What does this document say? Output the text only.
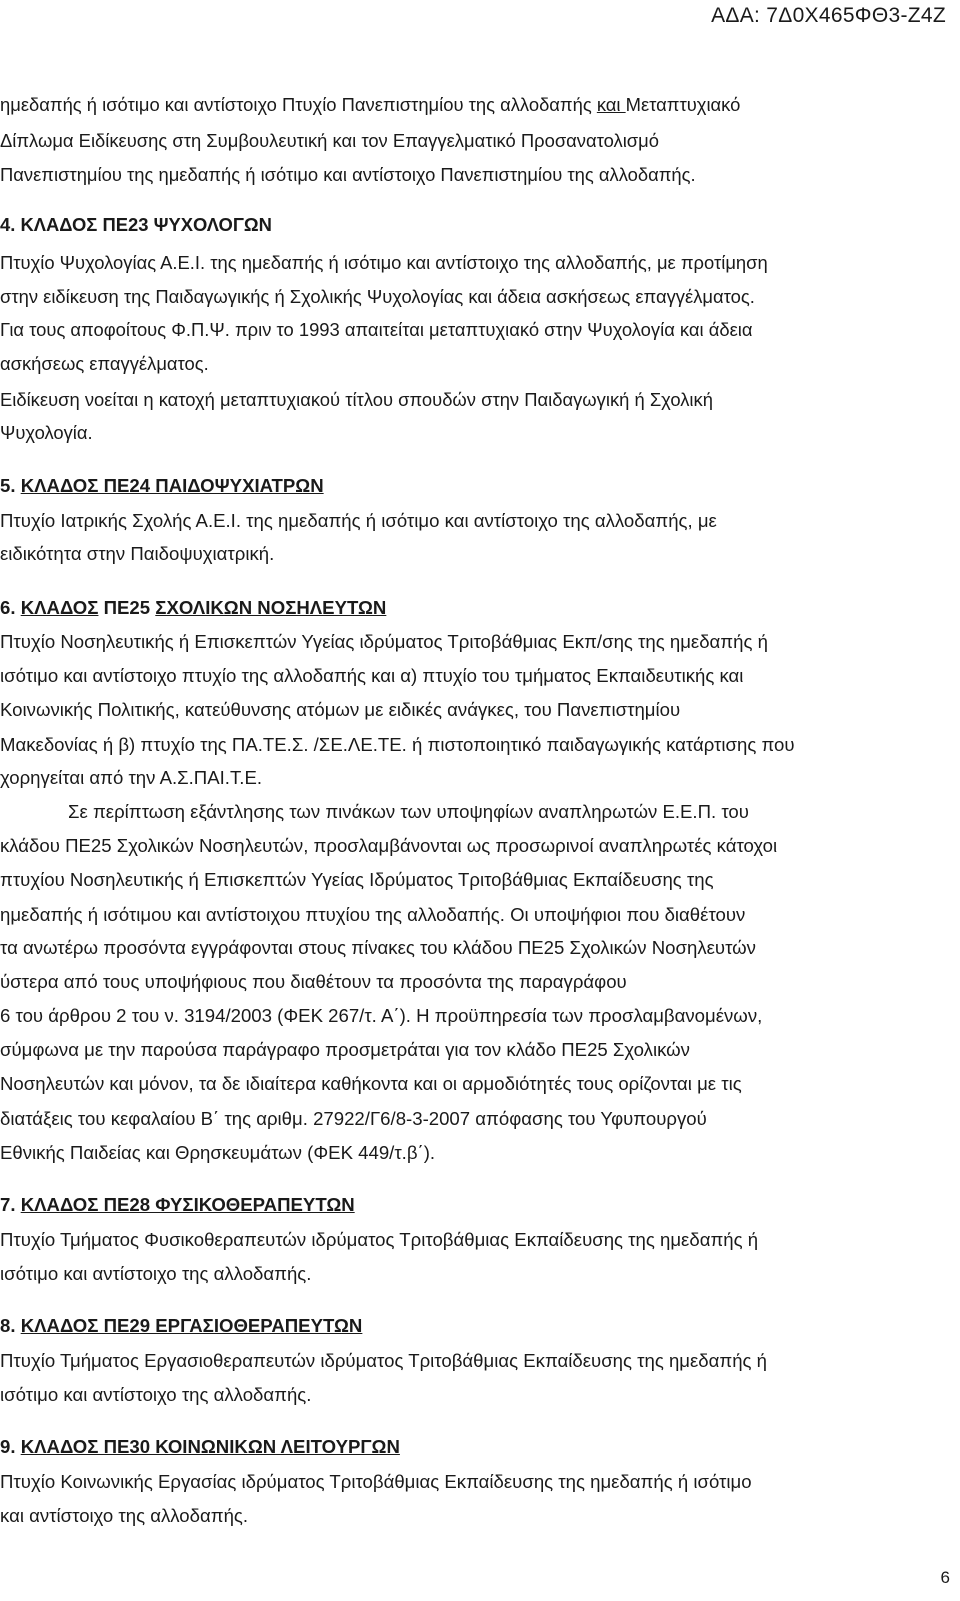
ΑΔΑ: 7Δ0Χ465ΦΘ3-Ζ4Ζ

ημεδαπής ή ισότιμο και αντίστοιχο Πτυχίο Πανεπιστημίου της αλλοδαπής και Μεταπτυχιακό

Δίπλωμα Ειδίκευσης στη Συμβουλευτική και τον Επαγγελματικό Προσανατολισμό

Πανεπιστημίου της ημεδαπής ή ισότιμο και αντίστοιχο Πανεπιστημίου της αλλοδαπής.

4. ΚΛΑΔΟΣ ΠΕ23 ΨΥΧΟΛΟΓΩΝ

Πτυχίο Ψυχολογίας Α.Ε.Ι. της ημεδαπής ή ισότιμο και αντίστοιχο της αλλοδαπής, με προτίμηση

στην ειδίκευση της Παιδαγωγικής ή Σχολικής Ψυχολογίας και άδεια ασκήσεως επαγγέλματος.

Για τους αποφοίτους Φ.Π.Ψ. πριν το 1993 απαιτείται μεταπτυχιακό στην Ψυχολογία και άδεια

ασκήσεως επαγγέλματος.

Ειδίκευση νοείται η κατοχή μεταπτυχιακού τίτλου σπουδών στην Παιδαγωγική ή Σχολική

Ψυχολογία.

5. ΚΛΑΔΟΣ ΠΕ24 ΠΑΙΔΟΨΥΧΙΑΤΡΩΝ

Πτυχίο Ιατρικής Σχολής Α.Ε.Ι. της ημεδαπής ή ισότιμο και αντίστοιχο της αλλοδαπής, με

ειδικότητα στην Παιδοψυχιατρική.

6. ΚΛΑΔΟΣ ΠΕ25 ΣΧΟΛΙΚΩΝ ΝΟΣΗΛΕΥΤΩΝ

Πτυχίο Νοσηλευτικής ή Επισκεπτών Υγείας ιδρύματος Τριτοβάθμιας Εκπ/σης της ημεδαπής ή

ισότιμο και αντίστοιχο πτυχίο της αλλοδαπής και α) πτυχίο του τμήματος Εκπαιδευτικής και

Κοινωνικής Πολιτικής, κατεύθυνσης ατόμων με ειδικές ανάγκες, του Πανεπιστημίου

Μακεδονίας ή β) πτυχίο της ΠΑ.ΤΕ.Σ. /ΣΕ.ΛΕ.ΤΕ. ή πιστοποιητικό παιδαγωγικής κατάρτισης που

χορηγείται από την Α.Σ.ΠΑΙ.Τ.Ε.

Σε περίπτωση εξάντλησης των πινάκων των υποψηφίων αναπληρωτών Ε.Ε.Π. του

κλάδου ΠΕ25 Σχολικών Νοσηλευτών, προσλαμβάνονται ως προσωρινοί αναπληρωτές κάτοχοι

πτυχίου Νοσηλευτικής ή Επισκεπτών Υγείας Ιδρύματος Τριτοβάθμιας Εκπαίδευσης της

ημεδαπής ή ισότιμου και αντίστοιχου πτυχίου της αλλοδαπής. Οι υποψήφιοι που διαθέτουν

τα ανωτέρω προσόντα εγγράφονται στους πίνακες του κλάδου ΠΕ25 Σχολικών Νοσηλευτών

ύστερα από τους υποψήφιους που διαθέτουν τα προσόντα της παραγράφου

6 του άρθρου 2 του ν. 3194/2003 (ΦΕΚ 267/τ. Α΄). Η προϋπηρεσία των προσλαμβανομένων,

σύμφωνα με την παρούσα παράγραφο προσμετράται για τον κλάδο ΠΕ25 Σχολικών

Νοσηλευτών και μόνον, τα δε ιδιαίτερα καθήκοντα και οι αρμοδιότητές τους ορίζονται με τις

διατάξεις του κεφαλαίου Β΄ της αριθμ. 27922/Γ6/8-3-2007 απόφασης του Υφυπουργού

Εθνικής Παιδείας και Θρησκευμάτων (ΦΕΚ 449/τ.β΄).

7. ΚΛΑΔΟΣ ΠΕ28 ΦΥΣΙΚΟΘΕΡΑΠΕΥΤΩΝ

Πτυχίο Τμήματος Φυσικοθεραπευτών ιδρύματος Τριτοβάθμιας Εκπαίδευσης της ημεδαπής ή

ισότιμο και αντίστοιχο της αλλοδαπής.

8. ΚΛΑΔΟΣ ΠΕ29 ΕΡΓΑΣΙΟΘΕΡΑΠΕΥΤΩΝ

Πτυχίο Τμήματος Εργασιοθεραπευτών ιδρύματος Τριτοβάθμιας Εκπαίδευσης της ημεδαπής ή

ισότιμο και αντίστοιχο της αλλοδαπής.

9. ΚΛΑΔΟΣ ΠΕ30 ΚΟΙΝΩΝΙΚΩΝ ΛΕΙΤΟΥΡΓΩΝ

Πτυχίο Κοινωνικής Εργασίας ιδρύματος Τριτοβάθμιας Εκπαίδευσης της ημεδαπής ή ισότιμο

και αντίστοιχο της αλλοδαπής.

6
